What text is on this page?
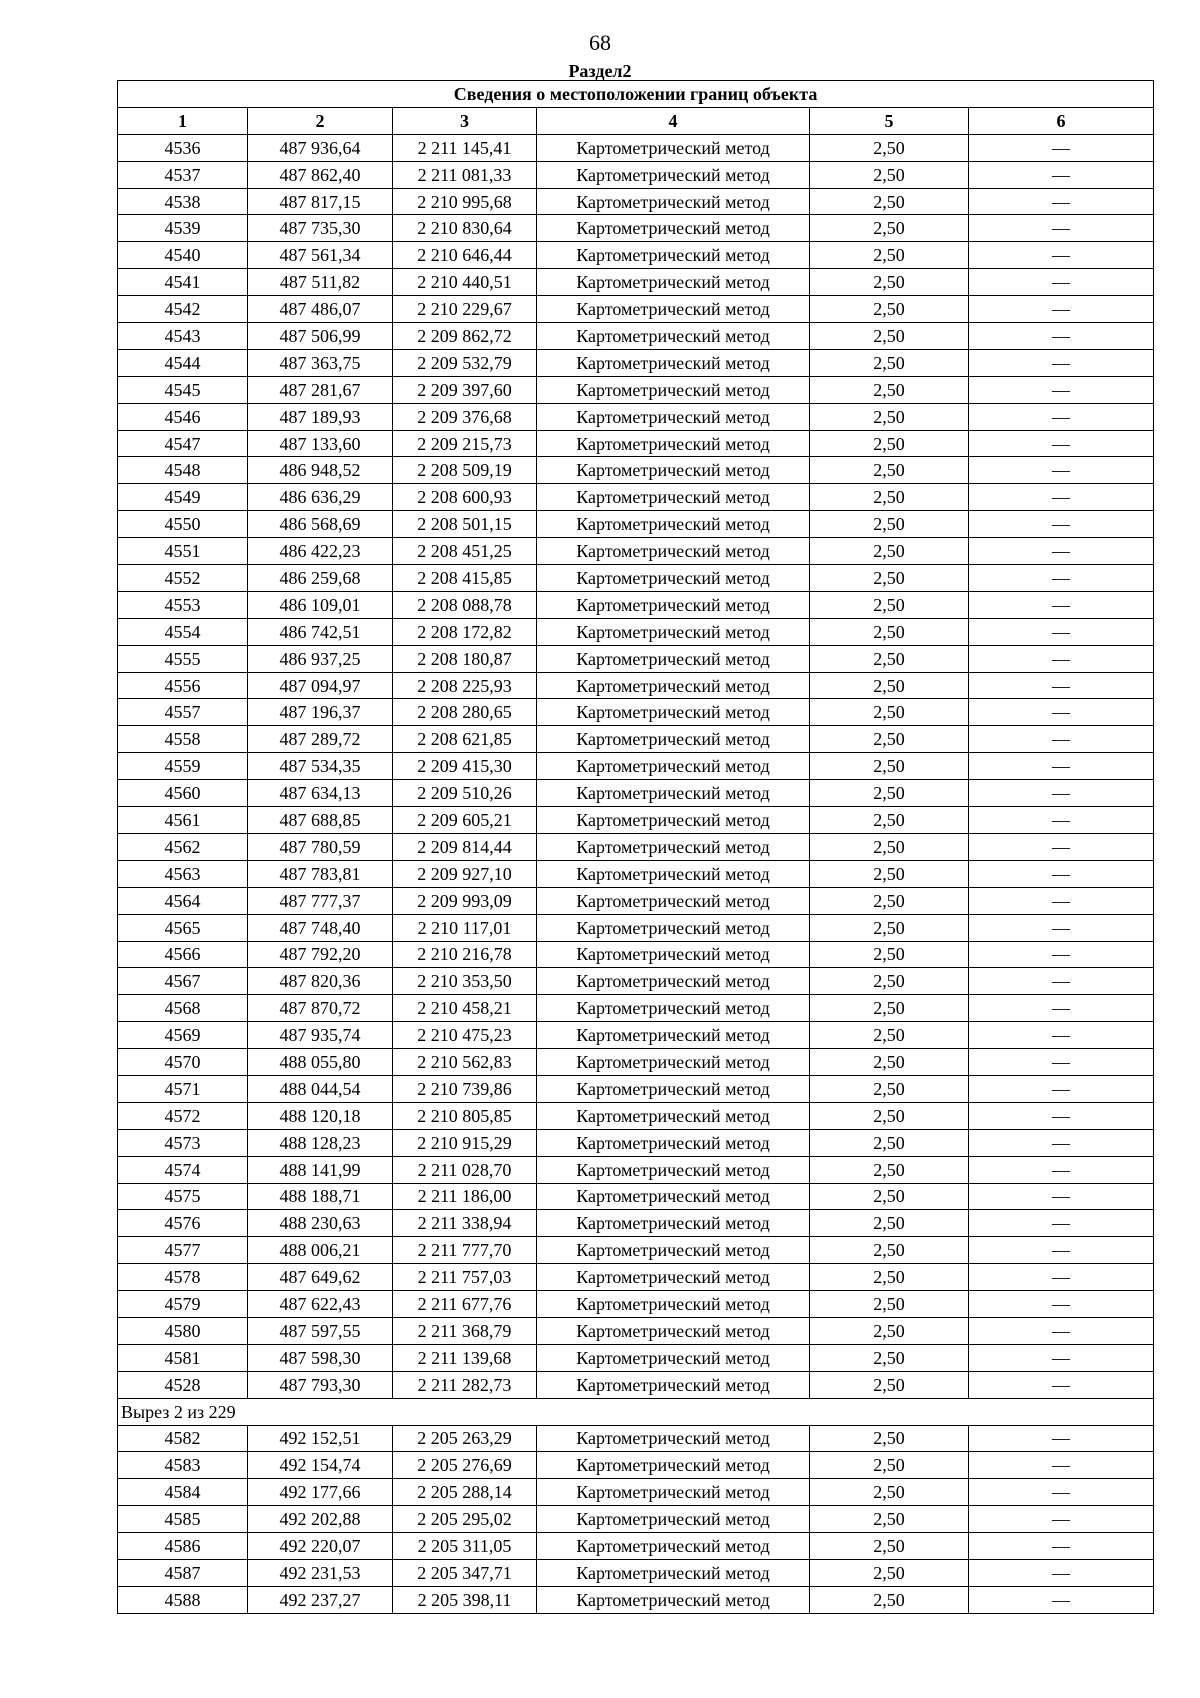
68
Раздел2
Сведения о местоположении границ объекта					
1	2	3	4	5	6
4536	487 936,64	2 211 145,41	Картометрический метод	2,50	—
4537	487 862,40	2 211 081,33	Картометрический метод	2,50	—
4538	487 817,15	2 210 995,68	Картометрический метод	2,50	—
4539	487 735,30	2 210 830,64	Картометрический метод	2,50	—
4540	487 561,34	2 210 646,44	Картометрический метод	2,50	—
4541	487 511,82	2 210 440,51	Картометрический метод	2,50	—
4542	487 486,07	2 210 229,67	Картометрический метод	2,50	—
4543	487 506,99	2 209 862,72	Картометрический метод	2,50	—
4544	487 363,75	2 209 532,79	Картометрический метод	2,50	—
4545	487 281,67	2 209 397,60	Картометрический метод	2,50	—
4546	487 189,93	2 209 376,68	Картометрический метод	2,50	—
4547	487 133,60	2 209 215,73	Картометрический метод	2,50	—
4548	486 948,52	2 208 509,19	Картометрический метод	2,50	—
4549	486 636,29	2 208 600,93	Картометрический метод	2,50	—
4550	486 568,69	2 208 501,15	Картометрический метод	2,50	—
4551	486 422,23	2 208 451,25	Картометрический метод	2,50	—
4552	486 259,68	2 208 415,85	Картометрический метод	2,50	—
4553	486 109,01	2 208 088,78	Картометрический метод	2,50	—
4554	486 742,51	2 208 172,82	Картометрический метод	2,50	—
4555	486 937,25	2 208 180,87	Картометрический метод	2,50	—
4556	487 094,97	2 208 225,93	Картометрический метод	2,50	—
4557	487 196,37	2 208 280,65	Картометрический метод	2,50	—
4558	487 289,72	2 208 621,85	Картометрический метод	2,50	—
4559	487 534,35	2 209 415,30	Картометрический метод	2,50	—
4560	487 634,13	2 209 510,26	Картометрический метод	2,50	—
4561	487 688,85	2 209 605,21	Картометрический метод	2,50	—
4562	487 780,59	2 209 814,44	Картометрический метод	2,50	—
4563	487 783,81	2 209 927,10	Картометрический метод	2,50	—
4564	487 777,37	2 209 993,09	Картометрический метод	2,50	—
4565	487 748,40	2 210 117,01	Картометрический метод	2,50	—
4566	487 792,20	2 210 216,78	Картометрический метод	2,50	—
4567	487 820,36	2 210 353,50	Картометрический метод	2,50	—
4568	487 870,72	2 210 458,21	Картометрический метод	2,50	—
4569	487 935,74	2 210 475,23	Картометрический метод	2,50	—
4570	488 055,80	2 210 562,83	Картометрический метод	2,50	—
4571	488 044,54	2 210 739,86	Картометрический метод	2,50	—
4572	488 120,18	2 210 805,85	Картометрический метод	2,50	—
4573	488 128,23	2 210 915,29	Картометрический метод	2,50	—
4574	488 141,99	2 211 028,70	Картометрический метод	2,50	—
4575	488 188,71	2 211 186,00	Картометрический метод	2,50	—
4576	488 230,63	2 211 338,94	Картометрический метод	2,50	—
4577	488 006,21	2 211 777,70	Картометрический метод	2,50	—
4578	487 649,62	2 211 757,03	Картометрический метод	2,50	—
4579	487 622,43	2 211 677,76	Картометрический метод	2,50	—
4580	487 597,55	2 211 368,79	Картометрический метод	2,50	—
4581	487 598,30	2 211 139,68	Картометрический метод	2,50	—
4528	487 793,30	2 211 282,73	Картометрический метод	2,50	—
Вырез 2 из 229					
4582	492 152,51	2 205 263,29	Картометрический метод	2,50	—
4583	492 154,74	2 205 276,69	Картометрический метод	2,50	—
4584	492 177,66	2 205 288,14	Картометрический метод	2,50	—
4585	492 202,88	2 205 295,02	Картометрический метод	2,50	—
4586	492 220,07	2 205 311,05	Картометрический метод	2,50	—
4587	492 231,53	2 205 347,71	Картометрический метод	2,50	—
4588	492 237,27	2 205 398,11	Картометрический метод	2,50	—
